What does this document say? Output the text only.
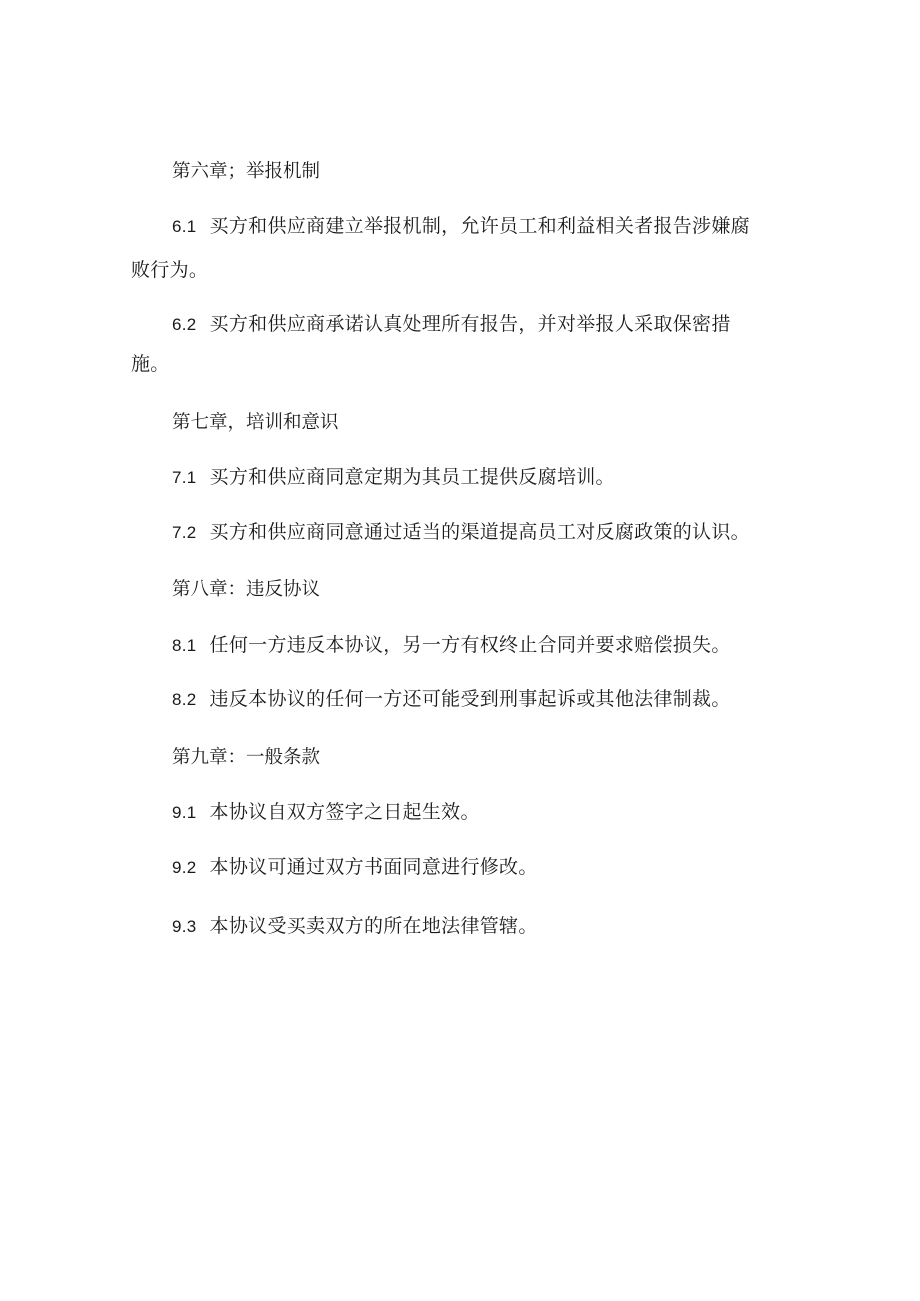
第六章；举报机制
6.1 买方和供应商建立举报机制，允许员工和利益相关者报告涉嫌腐
败行为。
6.2 买方和供应商承诺认真处理所有报告，并对举报人采取保密措
施。
第七章，培训和意识
7.1 买方和供应商同意定期为其员工提供反腐培训。
7.2 买方和供应商同意通过适当的渠道提高员工对反腐政策的认识。
第八章：违反协议
8.1 任何一方违反本协议，另一方有权终止合同并要求赔偿损失。
8.2 违反本协议的任何一方还可能受到刑事起诉或其他法律制裁。
第九章：一般条款
9.1 本协议自双方签字之日起生效。
9.2 本协议可通过双方书面同意进行修改。
9.3 本协议受买卖双方的所在地法律管辖。
